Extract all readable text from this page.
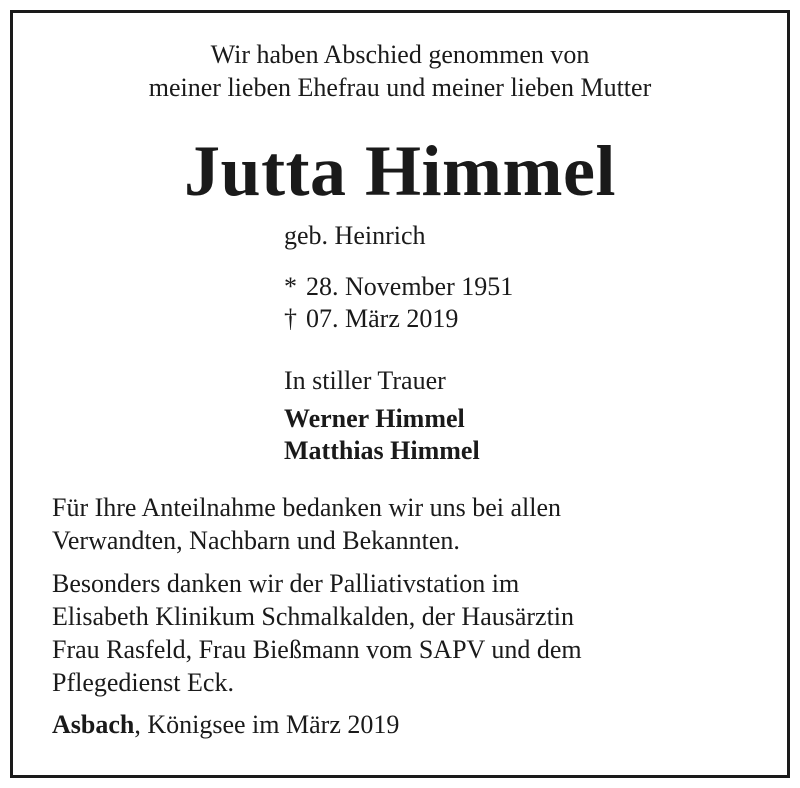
Wir haben Abschied genommen von
meiner lieben Ehefrau und meiner lieben Mutter
Jutta Himmel
geb. Heinrich
* 28. November 1951
† 07. März 2019
In stiller Trauer
Werner Himmel
Matthias Himmel
Für Ihre Anteilnahme bedanken wir uns bei allen
Verwandten, Nachbarn und Bekannten.
Besonders danken wir der Palliativstation im
Elisabeth Klinikum Schmalkalden, der Hausärztin
Frau Rasfeld, Frau Bießmann vom SAPV und dem
Pflegedienst Eck.
Asbach, Königsee im März 2019
